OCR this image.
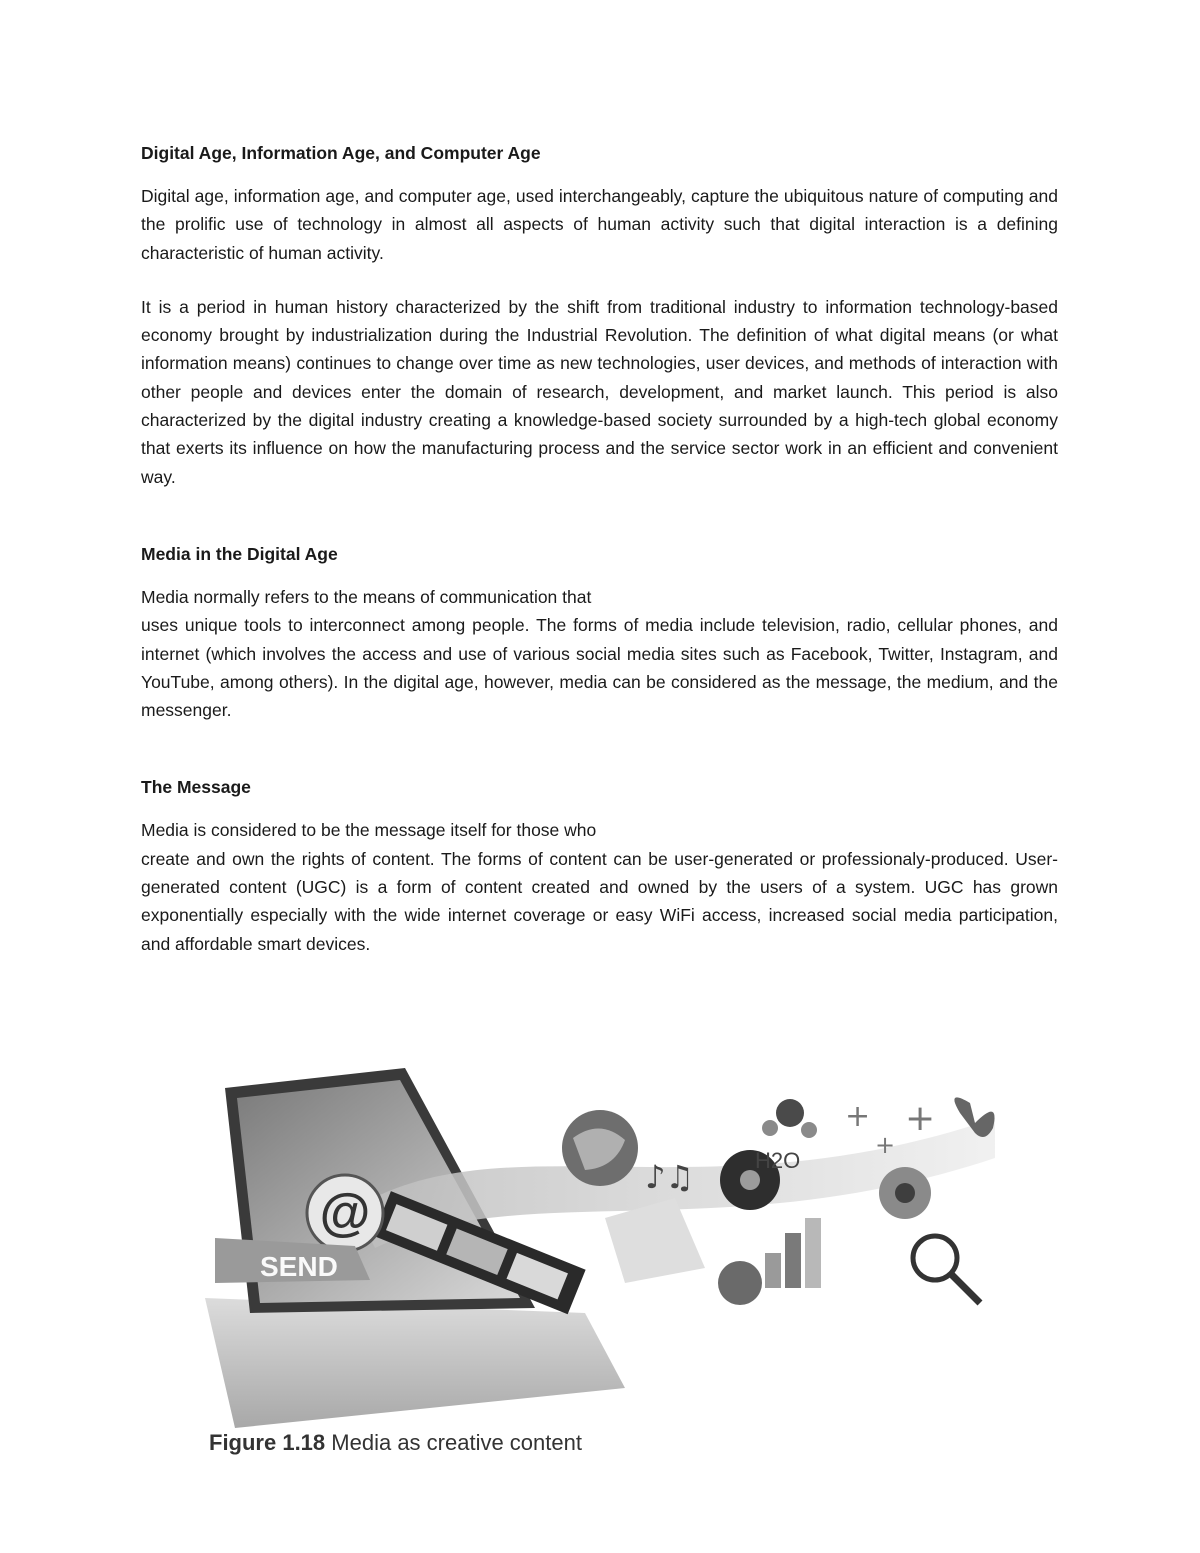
Digital Age, Information Age, and Computer Age

Digital age, information age, and computer age, used interchangeably, capture the ubiquitous nature of computing and the prolific use of technology in almost all aspects of human activity such that digital interaction is a defining characteristic of human activity.

It is a period in human history characterized by the shift from traditional industry to information technology-based economy brought by industrialization during the Industrial Revolution. The definition of what digital means (or what information means) continues to change over time as new technologies, user devices, and methods of interaction with other people and devices enter the domain of research, development, and market launch. This period is also characterized by the digital industry creating a knowledge-based society surrounded by a high-tech global economy that exerts its influence on how the manufacturing process and the service sector work in an efficient and convenient way.

Media in the Digital Age

Media normally refers to the means of communication that

uses unique tools to interconnect among people. The forms of media include television, radio, cellular phones, and internet (which involves the access and use of various social media sites such as Facebook, Twitter, Instagram, and YouTube, among others). In the digital age, however, media can be considered as the message, the medium, and the messenger.

The Message

Media is considered to be the message itself for those who

create and own the rights of content. The forms of content can be user-generated or professionaly-produced. User-generated content (UGC) is a form of content created and owned by the users of a system. UGC has grown exponentially especially with the wide internet coverage or easy WiFi access, increased social media participation, and affordable smart devices.

@
SEND
♪♫	H2O
+
+
+
Figure 1.18 Media as creative content
